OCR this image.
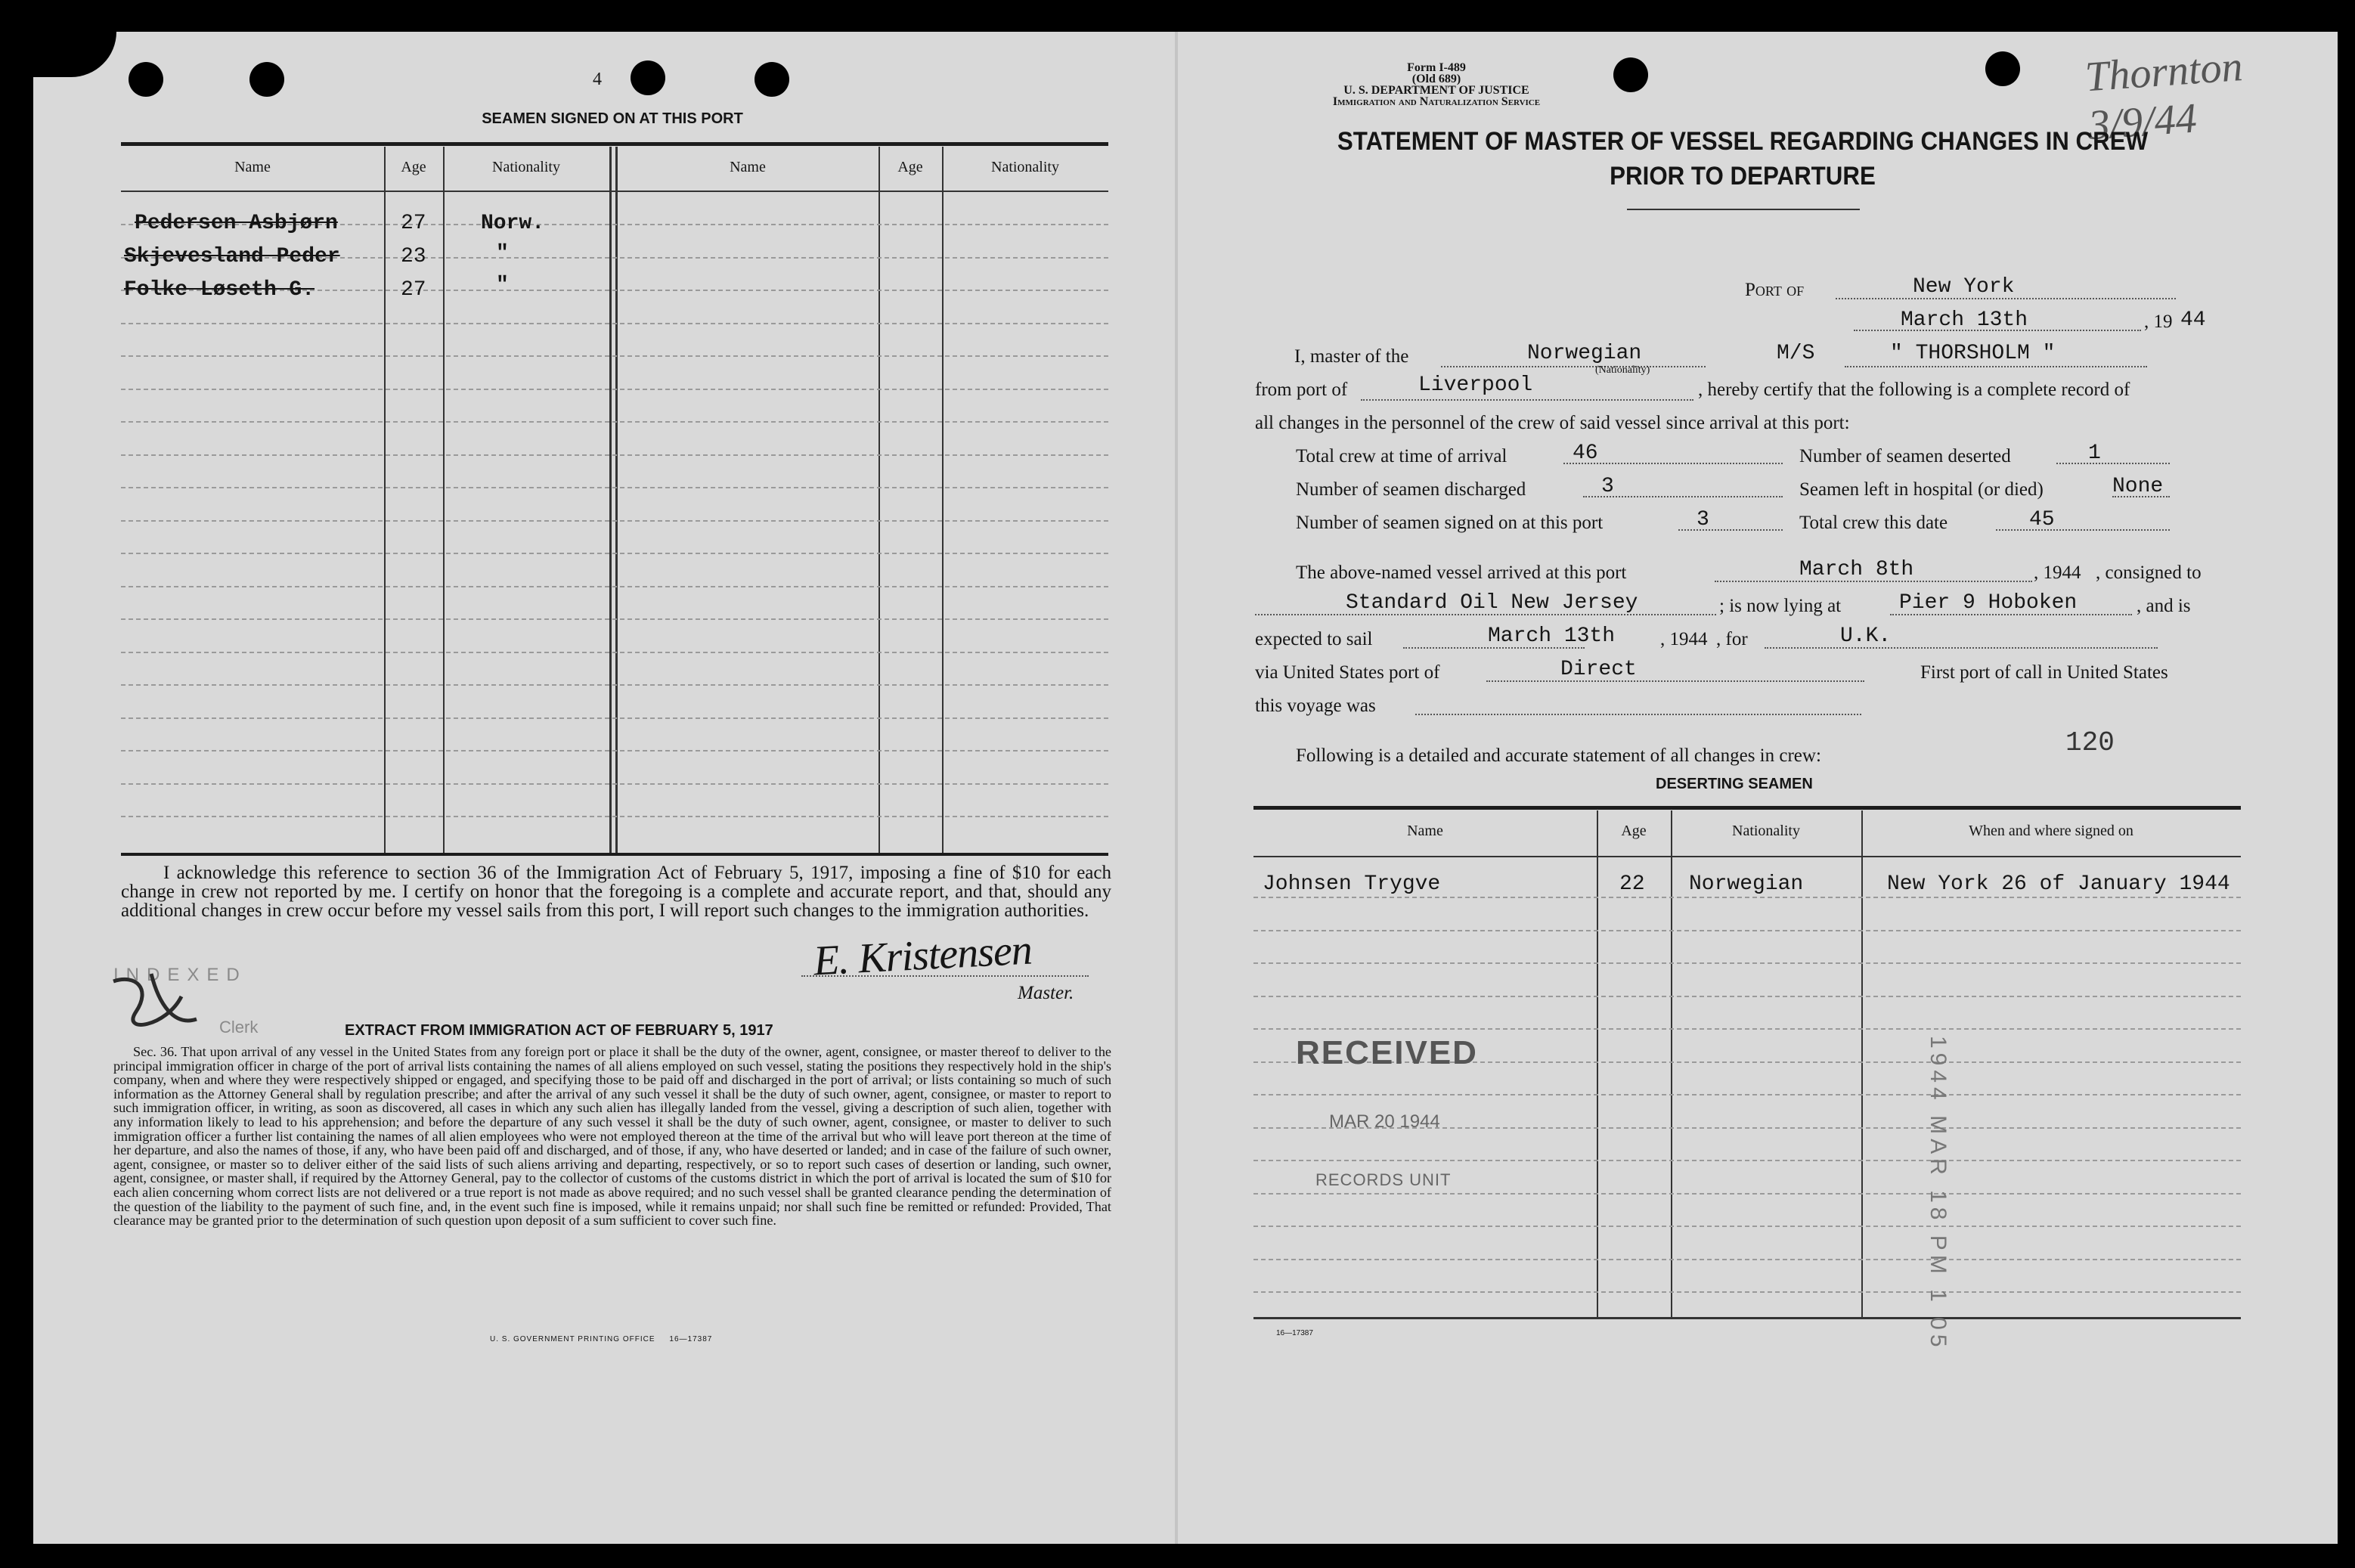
4
SEAMEN SIGNED ON AT THIS PORT
Name	Age	Nationality	Name	Age	Nationality
Pedersen Asbjørn	27	Norw.
Skjevesland Peder	23	"
Folke Løseth G.	27	"
I acknowledge this reference to section 36 of the Immigration Act of February 5, 1917, imposing a fine of $10 for each change in crew not reported by me. I certify on honor that the foregoing is a complete and accurate report, and that, should any additional changes in crew occur before my vessel sails from this port, I will report such changes to the immigration authorities.
E. Kristensen
Master.
INDEXED
Clerk	EXTRACT FROM IMMIGRATION ACT OF FEBRUARY 5, 1917
Sec. 36. That upon arrival of any vessel in the United States from any foreign port or place it shall be the duty of the owner, agent, consignee, or master thereof to deliver to the principal immigration officer in charge of the port of arrival lists containing the names of all aliens employed on such vessel, stating the positions they respectively hold in the ship's company, when and where they were respectively shipped or engaged, and specifying those to be paid off and discharged in the port of arrival; or lists containing so much of such information as the Attorney General shall by regulation prescribe; and after the arrival of any such vessel it shall be the duty of such owner, agent, consignee, or master to report to such immigration officer, in writing, as soon as discovered, all cases in which any such alien has illegally landed from the vessel, giving a description of such alien, together with any information likely to lead to his apprehension; and before the departure of any such vessel it shall be the duty of such owner, agent, consignee, or master to deliver to such immigration officer a further list containing the names of all alien employees who were not employed thereon at the time of the arrival but who will leave port thereon at the time of her departure, and also the names of those, if any, who have been paid off and discharged, and of those, if any, who have deserted or landed; and in case of the failure of such owner, agent, consignee, or master so to deliver either of the said lists of such aliens arriving and departing, respectively, or so to report such cases of desertion or landing, such owner, agent, consignee, or master shall, if required by the Attorney General, pay to the collector of customs of the customs district in which the port of arrival is located the sum of $10 for each alien concerning whom correct lists are not delivered or a true report is not made as above required; and no such vessel shall be granted clearance pending the determination of the question of the liability to the payment of such fine, and, in the event such fine is imposed, while it remains unpaid; nor shall such fine be remitted or refunded: Provided, That clearance may be granted prior to the determination of such question upon deposit of a sum sufficient to cover such fine.
U. S. GOVERNMENT PRINTING OFFICE     16—17387
Form I-489
(Old 689)
U. S. DEPARTMENT OF JUSTICE
Immigration and Naturalization Service
Thornton 3/9/44
STATEMENT OF MASTER OF VESSEL REGARDING CHANGES IN CREW
PRIOR TO DEPARTURE
Port of	New York
March 13th	, 19 44
I, master of the	Norwegian
(Nationality)
M/S	" THORSHOLM "
from port of	Liverpool	, hereby certify that the following is a complete record of
all changes in the personnel of the crew of said vessel since arrival at this port:
Total crew at time of arrival	46	Number of seamen deserted	1
Number of seamen discharged	3	Seamen left in hospital (or died)	None
Number of seamen signed on at this port	3	Total crew this date	45
The above-named vessel arrived at this port	March 8th	, 1944 , consigned to
Standard Oil New Jersey	; is now lying at	Pier 9 Hoboken	, and is
expected to sail	March 13th , 1944 , for	U.K.
via United States port of	Direct	First port of call in United States
this voyage was
Following is a detailed and accurate statement of all changes in crew:	120
DESERTING SEAMEN
Name	Age	Nationality	When and where signed on
Johnsen Trygve	22 Norwegian	New York 26 of January 1944
16—17387
RECEIVED
MAR 20 1944
RECORDS UNIT	1944 MAR 18 PM 1 05
